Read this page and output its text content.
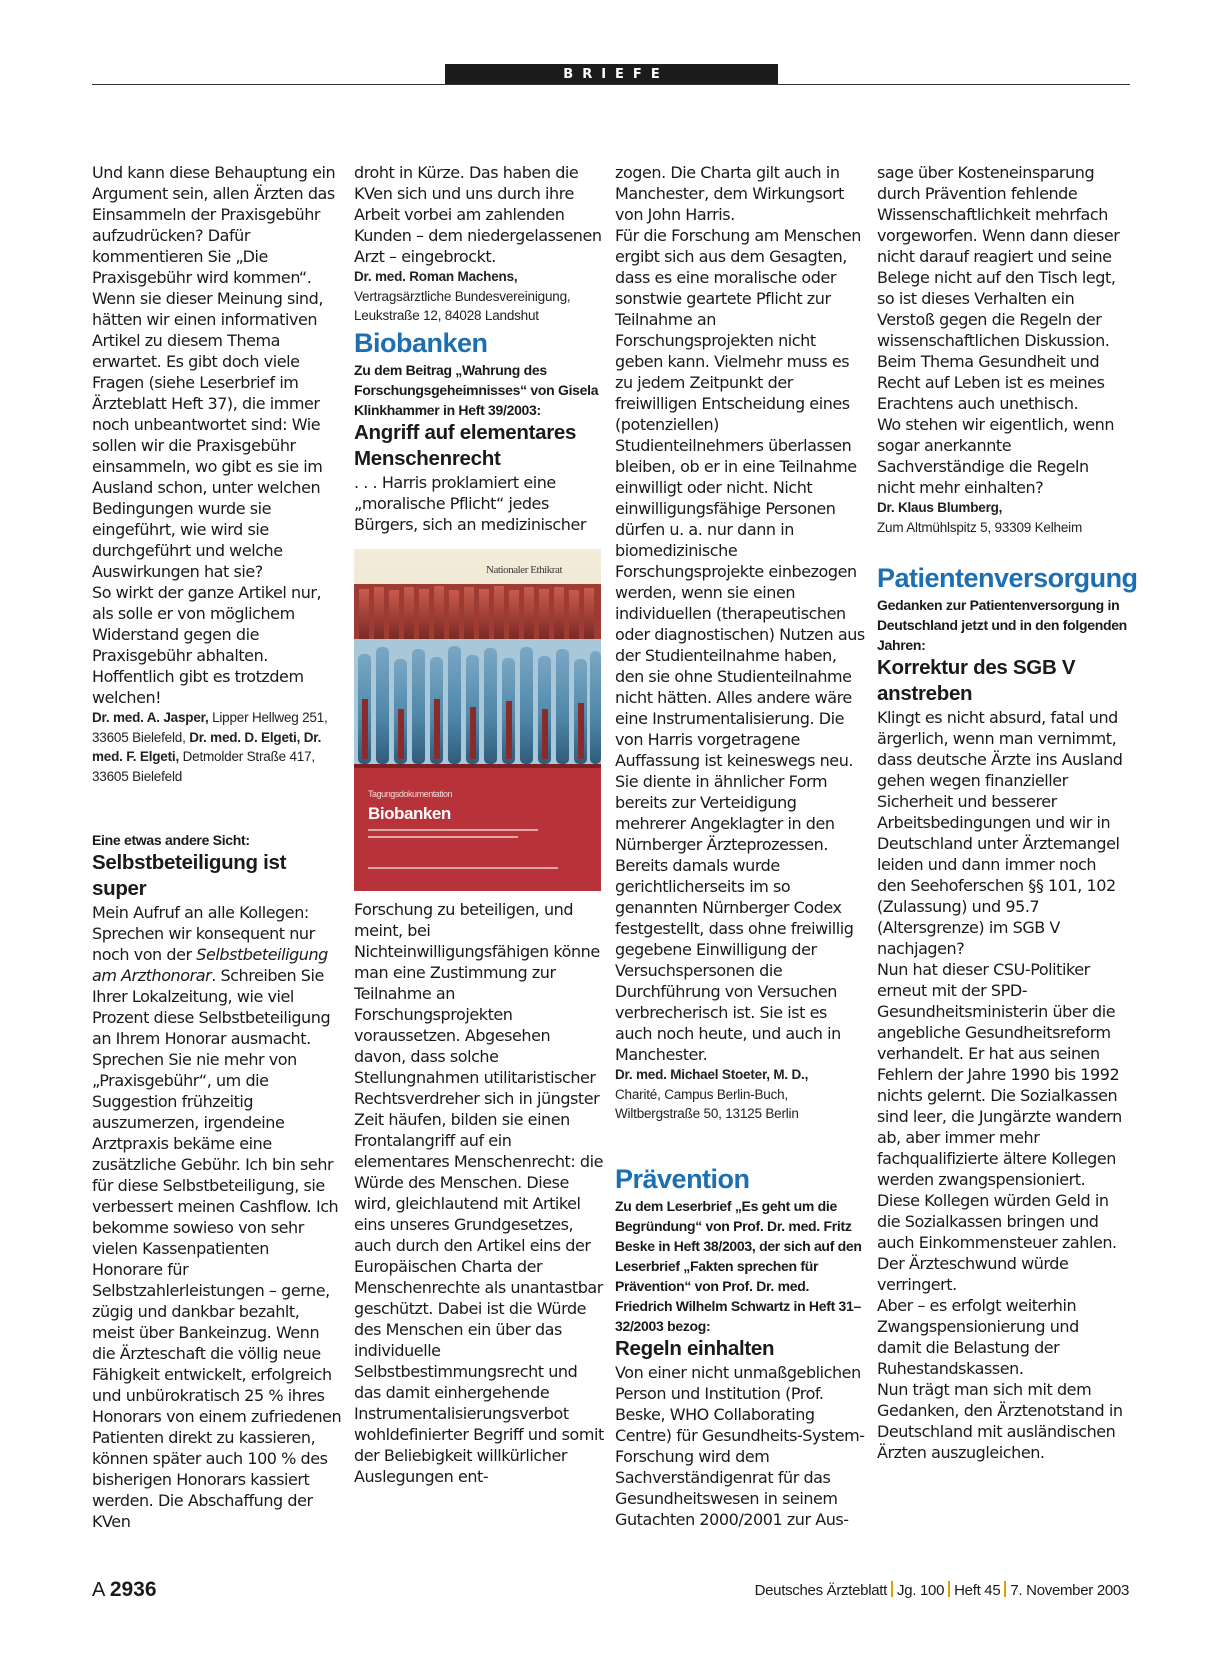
BRIEFE

Und kann diese Behauptung ein Argument sein, allen Ärzten das Einsammeln der Praxisgebühr aufzudrücken? Dafür kommentieren Sie „Die Praxisgebühr wird kommen“. Wenn sie dieser Meinung sind, hätten wir einen informativen Artikel zu diesem Thema erwartet. Es gibt doch viele Fragen (siehe Leserbrief im Ärzteblatt Heft 37), die immer noch unbeantwortet sind: Wie sollen wir die Praxisgebühr einsammeln, wo gibt es sie im Ausland schon, unter welchen Bedingungen wurde sie eingeführt, wie wird sie durchgeführt und welche Auswirkungen hat sie?

So wirkt der ganze Artikel nur, als solle er von möglichem Widerstand gegen die Praxisgebühr abhalten. Hoffentlich gibt es trotzdem welchen!

Dr. med. A. Jasper, Lipper Hellweg 251, 33605 Bielefeld, Dr. med. D. Elgeti, Dr. med. F. Elgeti, Detmolder Straße 417, 33605 Bielefeld

Eine etwas andere Sicht:

Selbstbeteiligung ist super

Mein Aufruf an alle Kollegen: Sprechen wir konsequent nur noch von der Selbstbeteiligung am Arzthonorar. Schreiben Sie Ihrer Lokalzeitung, wie viel Prozent diese Selbstbeteiligung an Ihrem Honorar ausmacht. Sprechen Sie nie mehr von „Praxisgebühr“, um die Suggestion frühzeitig auszumerzen, irgendeine Arztpraxis bekäme eine zusätzliche Gebühr. Ich bin sehr für diese Selbstbeteiligung, sie verbessert meinen Cashflow. Ich bekomme sowieso von sehr vielen Kassenpatienten Honorare für Selbstzahlerleistungen – gerne, zügig und dankbar bezahlt, meist über Bankeinzug. Wenn die Ärzteschaft die völlig neue Fähigkeit entwickelt, erfolgreich und unbürokratisch 25 % ihres Honorars von einem zufriedenen Patienten direkt zu kassieren, können später auch 100 % des bisherigen Honorars kassiert werden. Die Abschaffung der KVen

droht in Kürze. Das haben die KVen sich und uns durch ihre Arbeit vorbei am zahlenden Kunden – dem niedergelassenen Arzt – eingebrockt.

Dr. med. Roman Machens,
Vertragsärztliche Bundesvereinigung, Leukstraße 12, 84028 Landshut

Biobanken

Zu dem Beitrag „Wahrung des Forschungsgeheimnisses“ von Gisela Klinkhammer in Heft 39/2003:

Angriff auf elementares Menschenrecht

. . . Harris proklamiert eine „moralische Pflicht“ jedes Bürgers, sich an medizinischer

Nationaler Ethikrat
Tagungsdokumentation
Biobanken

Forschung zu beteiligen, und meint, bei Nichteinwilligungsfähigen könne man eine Zustimmung zur Teilnahme an Forschungsprojekten voraussetzen. Abgesehen davon, dass solche Stellungnahmen utilitaristischer Rechtsverdreher sich in jüngster Zeit häufen, bilden sie einen Frontalangriff auf ein elementares Menschenrecht: die Würde des Menschen. Diese wird, gleichlautend mit Artikel eins unseres Grundgesetzes, auch durch den Artikel eins der Europäischen Charta der Menschenrechte als unantastbar geschützt. Dabei ist die Würde des Menschen ein über das individuelle Selbstbestimmungsrecht und das damit einhergehende Instrumentalisierungsverbot wohldefinierter Begriff und somit der Beliebigkeit willkürlicher Auslegungen ent-

zogen. Die Charta gilt auch in Manchester, dem Wirkungsort von John Harris.

Für die Forschung am Menschen ergibt sich aus dem Gesagten, dass es eine moralische oder sonstwie geartete Pflicht zur Teilnahme an Forschungsprojekten nicht geben kann. Vielmehr muss es zu jedem Zeitpunkt der freiwilligen Entscheidung eines (potenziellen) Studienteilnehmers überlassen bleiben, ob er in eine Teilnahme einwilligt oder nicht. Nicht einwilligungsfähige Personen dürfen u. a. nur dann in biomedizinische Forschungsprojekte einbezogen werden, wenn sie einen individuellen (therapeutischen oder diagnostischen) Nutzen aus der Studienteilnahme haben, den sie ohne Studienteilnahme nicht hätten. Alles andere wäre eine Instrumentalisierung. Die von Harris vorgetragene Auffassung ist keineswegs neu. Sie diente in ähnlicher Form bereits zur Verteidigung mehrerer Angeklagter in den Nürnberger Ärzteprozessen. Bereits damals wurde gerichtlicherseits im so genannten Nürnberger Codex festgestellt, dass ohne freiwillig gegebene Einwilligung der Versuchspersonen die Durchführung von Versuchen verbrecherisch ist. Sie ist es auch noch heute, und auch in Manchester.

Dr. med. Michael Stoeter, M. D.,
Charité, Campus Berlin-Buch, Wiltbergstraße 50, 13125 Berlin

Prävention

Zu dem Leserbrief „Es geht um die Begründung“ von Prof. Dr. med. Fritz Beske in Heft 38/2003, der sich auf den Leserbrief „Fakten sprechen für Prävention“ von Prof. Dr. med. Friedrich Wilhelm Schwartz in Heft 31–32/2003 bezog:

Regeln einhalten

Von einer nicht unmaßgeblichen Person und Institution (Prof. Beske, WHO Collaborating Centre) für Gesundheits-System-Forschung wird dem Sachverständigenrat für das Gesundheitswesen in seinem Gutachten 2000/2001 zur Aus-

sage über Kosteneinsparung durch Prävention fehlende Wissenschaftlichkeit mehrfach vorgeworfen. Wenn dann dieser nicht darauf reagiert und seine Belege nicht auf den Tisch legt, so ist dieses Verhalten ein Verstoß gegen die Regeln der wissenschaftlichen Diskussion. Beim Thema Gesundheit und Recht auf Leben ist es meines Erachtens auch unethisch.

Wo stehen wir eigentlich, wenn sogar anerkannte Sachverständige die Regeln nicht mehr einhalten?

Dr. Klaus Blumberg,
Zum Altmühlspitz 5, 93309 Kelheim

Patientenversorgung

Gedanken zur Patientenversorgung in Deutschland jetzt und in den folgenden Jahren:

Korrektur des SGB V anstreben

Klingt es nicht absurd, fatal und ärgerlich, wenn man vernimmt, dass deutsche Ärzte ins Ausland gehen wegen finanzieller Sicherheit und besserer Arbeitsbedingungen und wir in Deutschland unter Ärztemangel leiden und dann immer noch den Seehoferschen §§ 101, 102 (Zulassung) und 95.7 (Altersgrenze) im SGB V nachjagen?

Nun hat dieser CSU-Politiker erneut mit der SPD-Gesundheitsministerin über die angebliche Gesundheitsreform verhandelt. Er hat aus seinen Fehlern der Jahre 1990 bis 1992 nichts gelernt. Die Sozialkassen sind leer, die Jungärzte wandern ab, aber immer mehr fachqualifizierte ältere Kollegen werden zwangspensioniert. Diese Kollegen würden Geld in die Sozialkassen bringen und auch Einkommensteuer zahlen. Der Ärzteschwund würde verringert.

Aber – es erfolgt weiterhin Zwangspensionierung und damit die Belastung der Ruhestandskassen.

Nun trägt man sich mit dem Gedanken, den Ärztenotstand in Deutschland mit ausländischen Ärzten auszugleichen.

A 2936	Deutsches Ärzteblatt Jg. 100 Heft 45 7. November 2003
